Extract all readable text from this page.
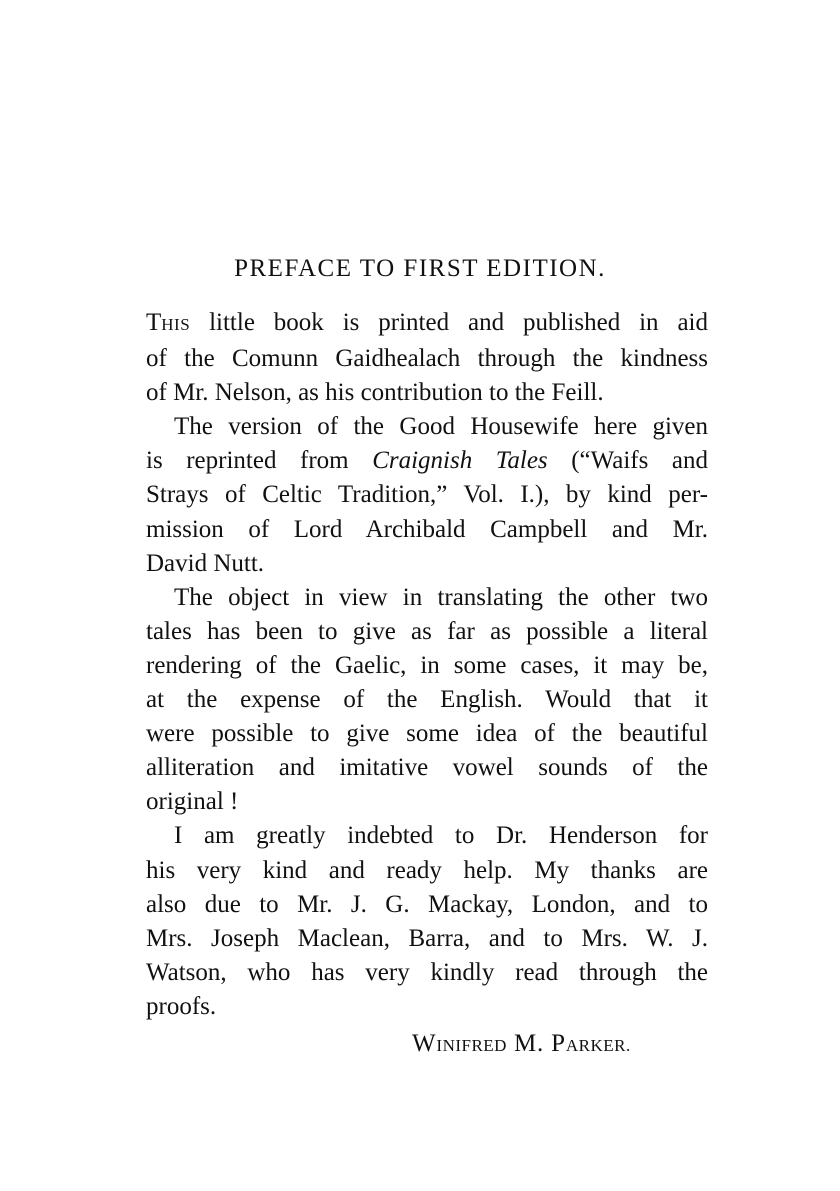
PREFACE TO FIRST EDITION.
THIS little book is printed and published in aid
of the Comunn Gaidhealach through the kindness
of Mr. Nelson, as his contribution to the Feill.
The version of the Good Housewife here given
is reprinted from Craignish Tales (“Waifs and
Strays of Celtic Tradition,” Vol. I.), by kind per-
mission of Lord Archibald Campbell and Mr.
David Nutt.
The object in view in translating the other two
tales has been to give as far as possible a literal
rendering of the Gaelic, in some cases, it may be,
at the expense of the English. Would that it
were possible to give some idea of the beautiful
alliteration and imitative vowel sounds of the
original !
I am greatly indebted to Dr. Henderson for
his very kind and ready help. My thanks are
also due to Mr. J. G. Mackay, London, and to
Mrs. Joseph Maclean, Barra, and to Mrs. W. J.
Watson, who has very kindly read through the
proofs.
WINIFRED M. PARKER.
